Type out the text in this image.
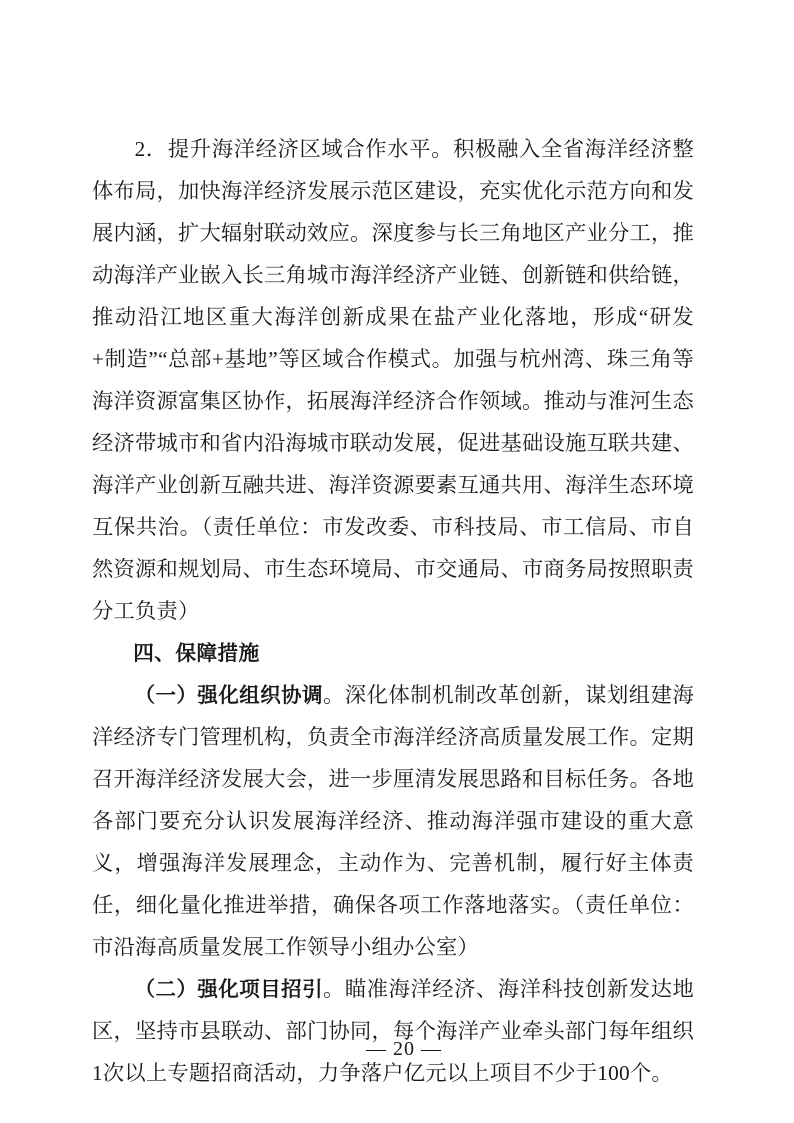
2．提升海洋经济区域合作水平。积极融入全省海洋经济整体布局，加快海洋经济发展示范区建设，充实优化示范方向和发展内涵，扩大辐射联动效应。深度参与长三角地区产业分工，推动海洋产业嵌入长三角城市海洋经济产业链、创新链和供给链，推动沿江地区重大海洋创新成果在盐产业化落地，形成“研发+制造”“总部+基地”等区域合作模式。加强与杭州湾、珠三角等海洋资源富集区协作，拓展海洋经济合作领域。推动与淮河生态经济带城市和省内沿海城市联动发展，促进基础设施互联共建、海洋产业创新互融共进、海洋资源要素互通共用、海洋生态环境互保共治。（责任单位：市发改委、市科技局、市工信局、市自然资源和规划局、市生态环境局、市交通局、市商务局按照职责分工负责）

四、保障措施

（一）强化组织协调。深化体制机制改革创新，谋划组建海洋经济专门管理机构，负责全市海洋经济高质量发展工作。定期召开海洋经济发展大会，进一步厘清发展思路和目标任务。各地各部门要充分认识发展海洋经济、推动海洋强市建设的重大意义，增强海洋发展理念，主动作为、完善机制，履行好主体责任，细化量化推进举措，确保各项工作落地落实。（责任单位：市沿海高质量发展工作领导小组办公室）

（二）强化项目招引。瞄准海洋经济、海洋科技创新发达地区，坚持市县联动、部门协同，每个海洋产业牵头部门每年组织1次以上专题招商活动，力争落户亿元以上项目不少于100个。

— 20 —
